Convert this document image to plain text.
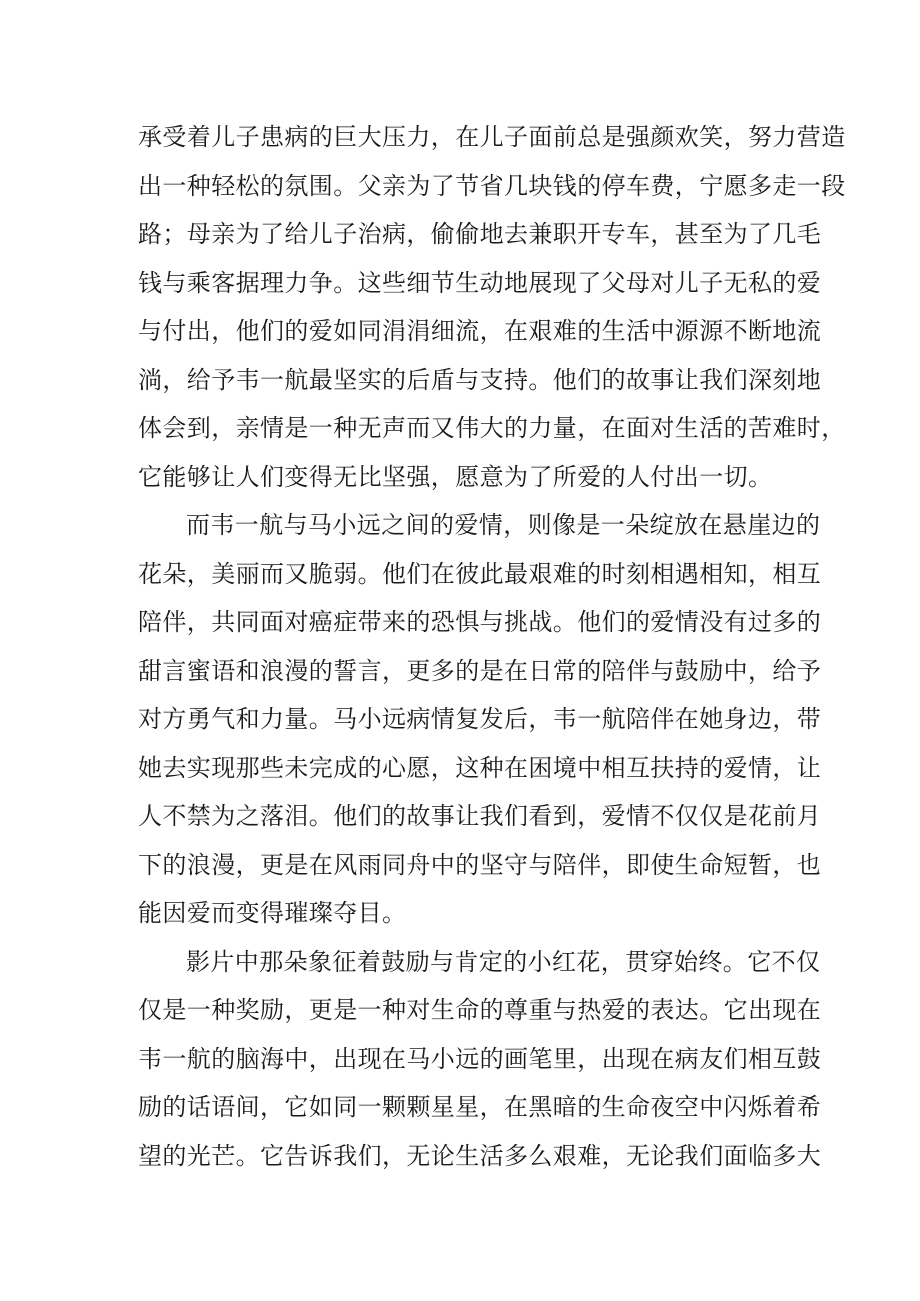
承受着儿子患病的巨大压力，在儿子面前总是强颜欢笑，努力营造
出一种轻松的氛围。父亲为了节省几块钱的停车费，宁愿多走一段
路；母亲为了给儿子治病，偷偷地去兼职开专车，甚至为了几毛
钱与乘客据理力争。这些细节生动地展现了父母对儿子无私的爱
与付出，他们的爱如同涓涓细流，在艰难的生活中源源不断地流
淌，给予韦一航最坚实的后盾与支持。他们的故事让我们深刻地
体会到，亲情是一种无声而又伟大的力量，在面对生活的苦难时，
它能够让人们变得无比坚强，愿意为了所爱的人付出一切。
而韦一航与马小远之间的爱情，则像是一朵绽放在悬崖边的
花朵，美丽而又脆弱。他们在彼此最艰难的时刻相遇相知，相互
陪伴，共同面对癌症带来的恐惧与挑战。他们的爱情没有过多的
甜言蜜语和浪漫的誓言，更多的是在日常的陪伴与鼓励中，给予
对方勇气和力量。马小远病情复发后，韦一航陪伴在她身边，带
她去实现那些未完成的心愿，这种在困境中相互扶持的爱情，让
人不禁为之落泪。他们的故事让我们看到，爱情不仅仅是花前月
下的浪漫，更是在风雨同舟中的坚守与陪伴，即使生命短暂，也
能因爱而变得璀璨夺目。
影片中那朵象征着鼓励与肯定的小红花，贯穿始终。它不仅
仅是一种奖励，更是一种对生命的尊重与热爱的表达。它出现在
韦一航的脑海中，出现在马小远的画笔里，出现在病友们相互鼓
励的话语间，它如同一颗颗星星，在黑暗的生命夜空中闪烁着希
望的光芒。它告诉我们，无论生活多么艰难，无论我们面临多大
